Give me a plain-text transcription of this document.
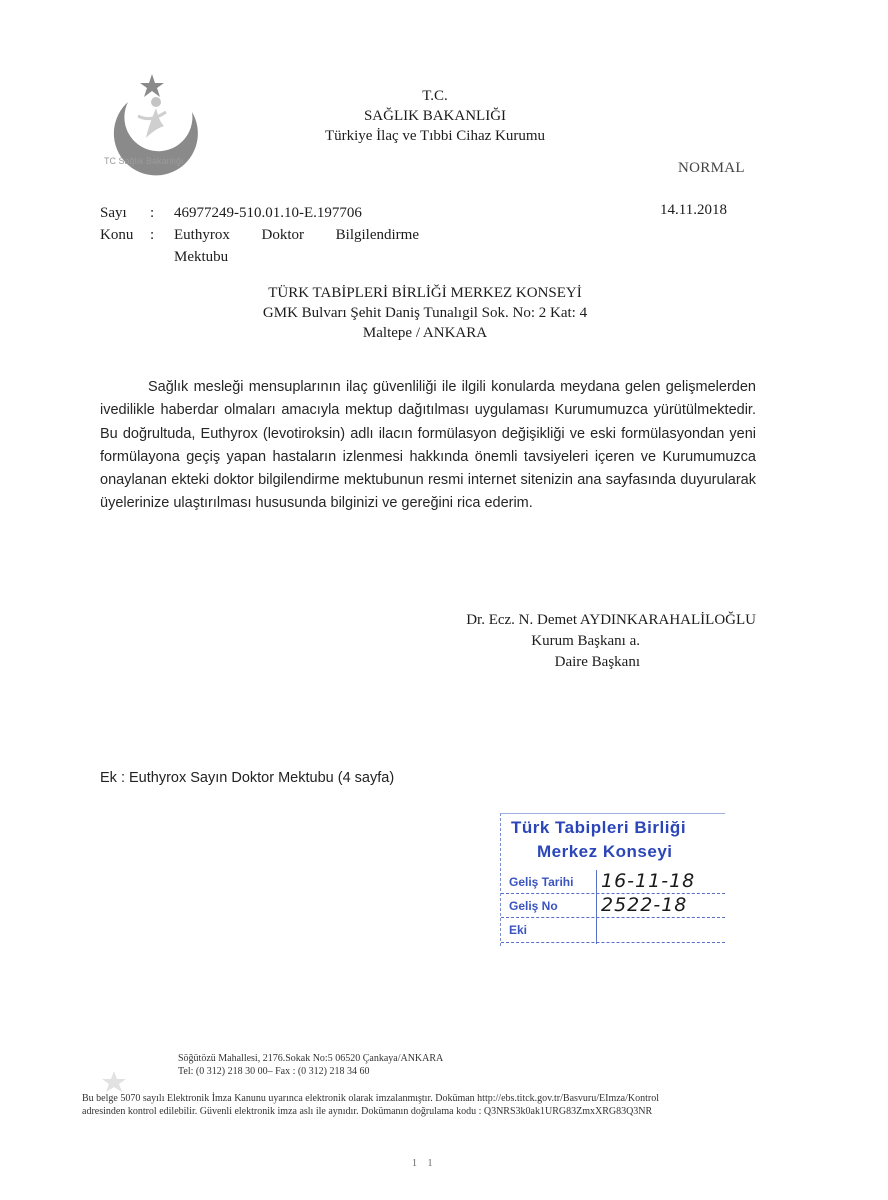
TC Sağlık Bakanlığı
T.C.
SAĞLIK BAKANLIĞI
Türkiye İlaç ve Tıbbi Cihaz Kurumu
NORMAL
14.11.2018
Sayı	:	46977249-510.01.10-E.197706
Konu	:	Euthyrox Doktor Bilgilendirme
Mektubu
TÜRK TABİPLERİ BİRLİĞİ MERKEZ KONSEYİ
GMK Bulvarı Şehit Daniş Tunalıgil Sok. No: 2 Kat: 4
Maltepe / ANKARA

Sağlık mesleği mensuplarının ilaç güvenliliği ile ilgili konularda meydana gelen gelişmelerden ivedilikle haberdar olmaları amacıyla mektup dağıtılması uygulaması Kurumumuzca yürütülmektedir. Bu doğrultuda, Euthyrox (levotiroksin) adlı ilacın formülasyon değişikliği ve eski formülasyondan yeni formülayona geçiş yapan hastaların izlenmesi hakkında önemli tavsiyeleri içeren ve Kurumumuzca onaylanan ekteki doktor bilgilendirme mektubunun resmi internet sitenizin ana sayfasında duyurularak üyelerinize ulaştırılması hususunda bilginizi ve gereğini rica ederim.

Dr. Ecz. N. Demet AYDINKARAHALİLOĞLU
Kurum Başkanı a.
Daire Başkanı
Ek : Euthyrox Sayın Doktor Mektubu (4 sayfa)
Türk Tabipleri Birliği
Merkez Konseyi
Geliş Tarihi 16-11-18
Geliş No 2522-18
Eki
Söğütözü Mahallesi, 2176.Sokak No:5 06520 Çankaya/ANKARA
Tel: (0 312) 218 30 00– Fax : (0 312) 218 34 60
Bu belge 5070 sayılı Elektronik İmza Kanunu uyarınca elektronik olarak imzalanmıştır. Doküman http://ebs.titck.gov.tr/Basvuru/EImza/Kontrol
adresinden kontrol edilebilir. Güvenli elektronik imza aslı ile aynıdır. Dokümanın doğrulama kodu : Q3NRS3k0ak1URG83ZmxXRG83Q3NR
1 1
